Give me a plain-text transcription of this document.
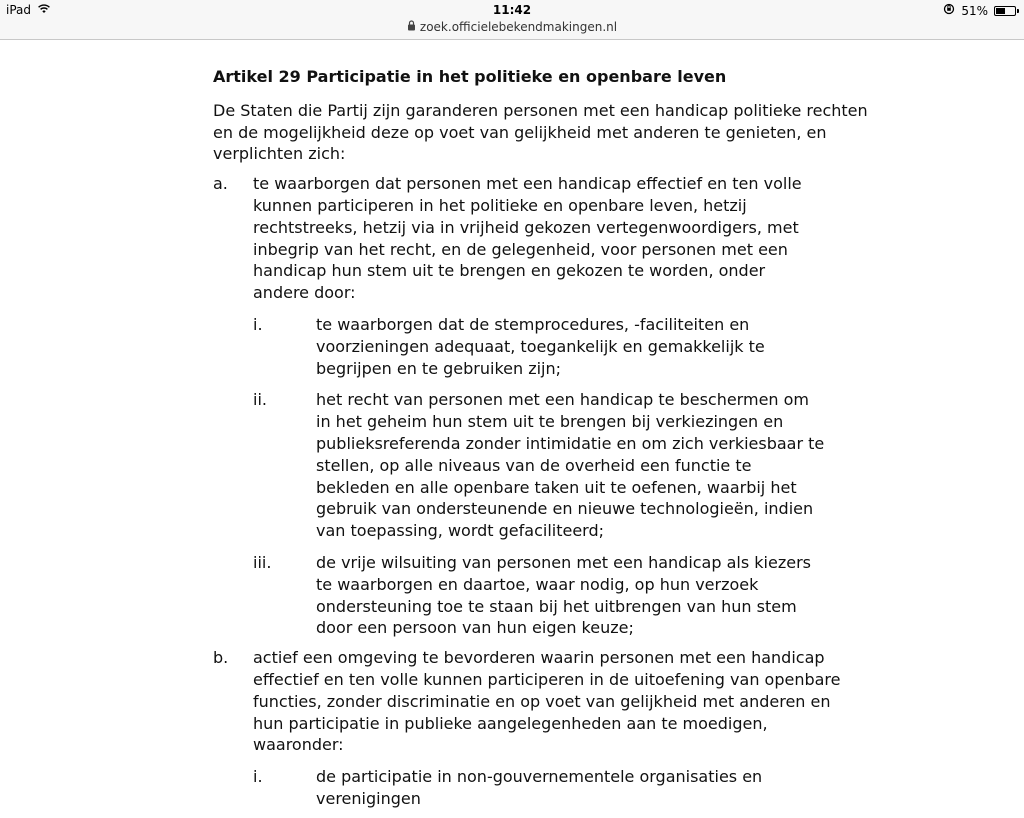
iPad	11:42	51%
zoek.officielebekendmakingen.nl
Artikel 29 Participatie in het politieke en openbare leven
De Staten die Partij zijn garanderen personen met een handicap politieke rechten en de mogelijkheid deze op voet van gelijkheid met anderen te genieten, en verplichten zich:
a.	te waarborgen dat personen met een handicap effectief en ten volle kunnen participeren in het politieke en openbare leven, hetzij rechtstreeks, hetzij via in vrijheid gekozen vertegenwoordigers, met inbegrip van het recht, en de gelegenheid, voor personen met een handicap hun stem uit te brengen en gekozen te worden, onder andere door:
i.	te waarborgen dat de stemprocedures, -faciliteiten en voorzieningen adequaat, toegankelijk en gemakkelijk te begrijpen en te gebruiken zijn;
ii.	het recht van personen met een handicap te beschermen om in het geheim hun stem uit te brengen bij verkiezingen en publieksreferenda zonder intimidatie en om zich verkiesbaar te stellen, op alle niveaus van de overheid een functie te bekleden en alle openbare taken uit te oefenen, waarbij het gebruik van ondersteunende en nieuwe technologieën, indien van toepassing, wordt gefaciliteerd;
iii.	de vrije wilsuiting van personen met een handicap als kiezers te waarborgen en daartoe, waar nodig, op hun verzoek ondersteuning toe te staan bij het uitbrengen van hun stem door een persoon van hun eigen keuze;
b.	actief een omgeving te bevorderen waarin personen met een handicap effectief en ten volle kunnen participeren in de uitoefening van openbare functies, zonder discriminatie en op voet van gelijkheid met anderen en hun participatie in publieke aangelegenheden aan te moedigen, waaronder:
i.	de participatie in non-gouvernementele organisaties en verenigingen
